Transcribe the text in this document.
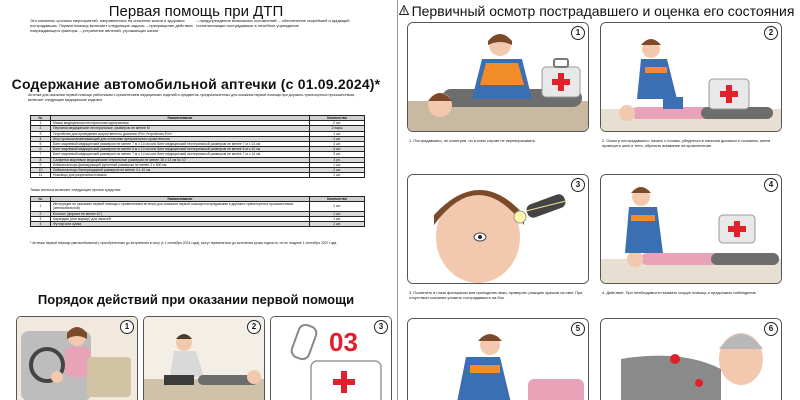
Первая помощь при ДТП
Это комплекс срочных мероприятий, направленных на спасение жизни и здоровья пострадавших. Первая помощь включает следующие задачи: – прекращение действия повреждающего фактора; – устранение явлений, угрожающих жизни – предупреждение возможных осложнений; – обеспечение скорейшей и щадящей госпитализации пострадавших в лечебное учреждение
Содержание автомобильной аптечки (с 01.09.2024)*
Аптечка для оказания первой помощи работникам с применением медицинских изделий и предметов, предназначенных для оказания первой помощи при дорожно-транспортных происшествиях, включает следующие медицинские изделия:
№	Наименование	Количество
1	Маска медицинская нестерильная одноразовая	2 шт.
2	Перчатки медицинские нестерильные, размером не менее M	2 пары
3	Устройство для проведения искусственного дыхания «Рот-Устройство-Рот»	1 шт.
4	Жгут кровоостанавливающий для остановки артериального кровотечения	1 шт.
5	Бинт марлевый медицинский размером не менее 7 м х 14 см или бинт медицинский нестерильный размером не менее 7 м х 14 см	4 шт.
6	Бинт марлевый медицинский размером не менее 5 м х 10 см или бинт медицинский нестерильный размером не менее 5 м х 10 см	4 шт.
7	Бинт марлевый медицинский размером не менее 7 м х 14 см или бинт медицинский нестерильный размером не менее 7 м х 14 см	3 шт.
8	Салфетки марлевые медицинские стерильные размером не менее 16 х 14 см № 10	2 уп.
9	Лейкопластырь фиксирующий рулонный размером не менее 2 х 500 см	1 шт.
10	Лейкопластырь бактерицидный размером не менее 4 х 10 см	2 шт.
11	Ножницы для разрезания повязок	1 шт.
Также аптечка включает следующие прочие средства:
№	Наименование	Количество
1	Инструкция по оказанию первой помощи с применением аптечки для оказания первой помощи пострадавшим в дорожно-транспортных происшествиях (автомобильной)	1 шт.
2	Блокнот (формат не менее A7)	1 шт.
3	Карандаш (или маркер) для записей	1 шт.
4	Футляр или сумка	1 шт.
* Аптечки первой помощи (автомобильные), приобретенные до вступления в силу (с 1 сентября 2024 года), могут применяться до истечения срока годности, но не позднее 1 сентября 2027 года.
Порядок действий при оказании первой помощи
1	2
03
3
Первичный осмотр пострадавшего и оценка его состояния
1
1. Пострадавшего, не осмотрев, ни в коем случае не переворачивать.
2
2. Осмотр пострадавшего: начать с головы, убедиться в наличии дыхания и сознания; затем проверить шею и тело, обратить внимание на кровотечение.
3
3. Посветить в глаза фонариком или приподнять веки, проверить реакцию зрачков на свет. При отсутствии сознания уложить пострадавшего на бок.
4
4. Действие. При необходимости вызвать скорую помощь и продолжать наблюдение.
5	6
